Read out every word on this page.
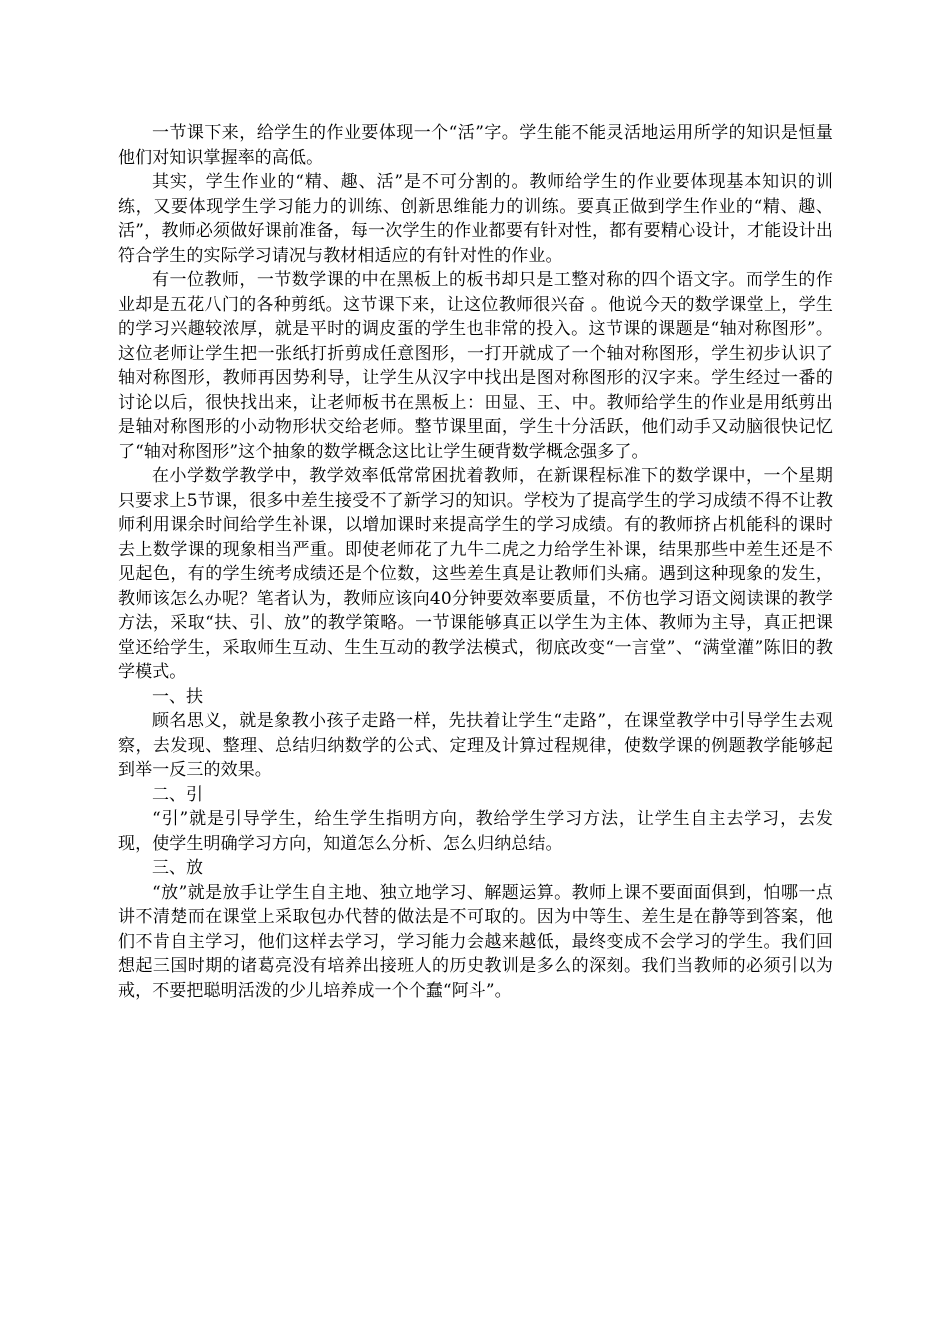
一节课下来，给学生的作业要体现一个“活”字。学生能不能灵活地运用所学的知识是恒量他们对知识掌握率的高低。

其实，学生作业的“精、趣、活”是不可分割的。教师给学生的作业要体现基本知识的训练，又要体现学生学习能力的训练、创新思维能力的训练。要真正做到学生作业的“精、趣、活”，教师必须做好课前准备，每一次学生的作业都要有针对性，都有要精心设计，才能设计出符合学生的实际学习请况与教材相适应的有针对性的作业。

有一位教师，一节数学课的中在黑板上的板书却只是工整对称的四个语文字。而学生的作业却是五花八门的各种剪纸。这节课下来，让这位教师很兴奋 。他说今天的数学课堂上，学生的学习兴趣较浓厚，就是平时的调皮蛋的学生也非常的投入。这节课的课题是“轴对称图形”。这位老师让学生把一张纸打折剪成任意图形，一打开就成了一个轴对称图形，学生初步认识了轴对称图形，教师再因势利导，让学生从汉字中找出是图对称图形的汉字来。学生经过一番的讨论以后，很快找出来，让老师板书在黑板上：田显、王、中。教师给学生的作业是用纸剪出是轴对称图形的小动物形状交给老师。整节课里面，学生十分活跃，他们动手又动脑很快记忆了“轴对称图形”这个抽象的数学概念这比让学生硬背数学概念强多了。

在小学数学教学中，教学效率低常常困扰着教师，在新课程标准下的数学课中，一个星期只要求上5节课，很多中差生接受不了新学习的知识。学校为了提高学生的学习成绩不得不让教师利用课余时间给学生补课，以增加课时来提高学生的学习成绩。有的教师挤占机能科的课时去上数学课的现象相当严重。即使老师花了九牛二虎之力给学生补课，结果那些中差生还是不见起色，有的学生统考成绩还是个位数，这些差生真是让教师们头痛。遇到这种现象的发生，教师该怎么办呢？笔者认为，教师应该向40分钟要效率要质量，不仿也学习语文阅读课的教学方法，采取“扶、引、放”的教学策略。一节课能够真正以学生为主体、教师为主导，真正把课堂还给学生，采取师生互动、生生互动的教学法模式，彻底改变“一言堂”、“满堂灌”陈旧的教学模式。

一、扶

顾名思义，就是象教小孩子走路一样，先扶着让学生“走路”，在课堂教学中引导学生去观察，去发现、整理、总结归纳数学的公式、定理及计算过程规律，使数学课的例题教学能够起到举一反三的效果。

二、引

“引”就是引导学生，给生学生指明方向，教给学生学习方法，让学生自主去学习，去发现，使学生明确学习方向，知道怎么分析、怎么归纳总结。

三、放

“放”就是放手让学生自主地、独立地学习、解题运算。教师上课不要面面俱到，怕哪一点讲不清楚而在课堂上采取包办代替的做法是不可取的。因为中等生、差生是在静等到答案，他们不肯自主学习，他们这样去学习，学习能力会越来越低，最终变成不会学习的学生。我们回想起三国时期的诸葛亮没有培养出接班人的历史教训是多么的深刻。我们当教师的必须引以为戒，不要把聪明活泼的少儿培养成一个个蠢“阿斗”。
